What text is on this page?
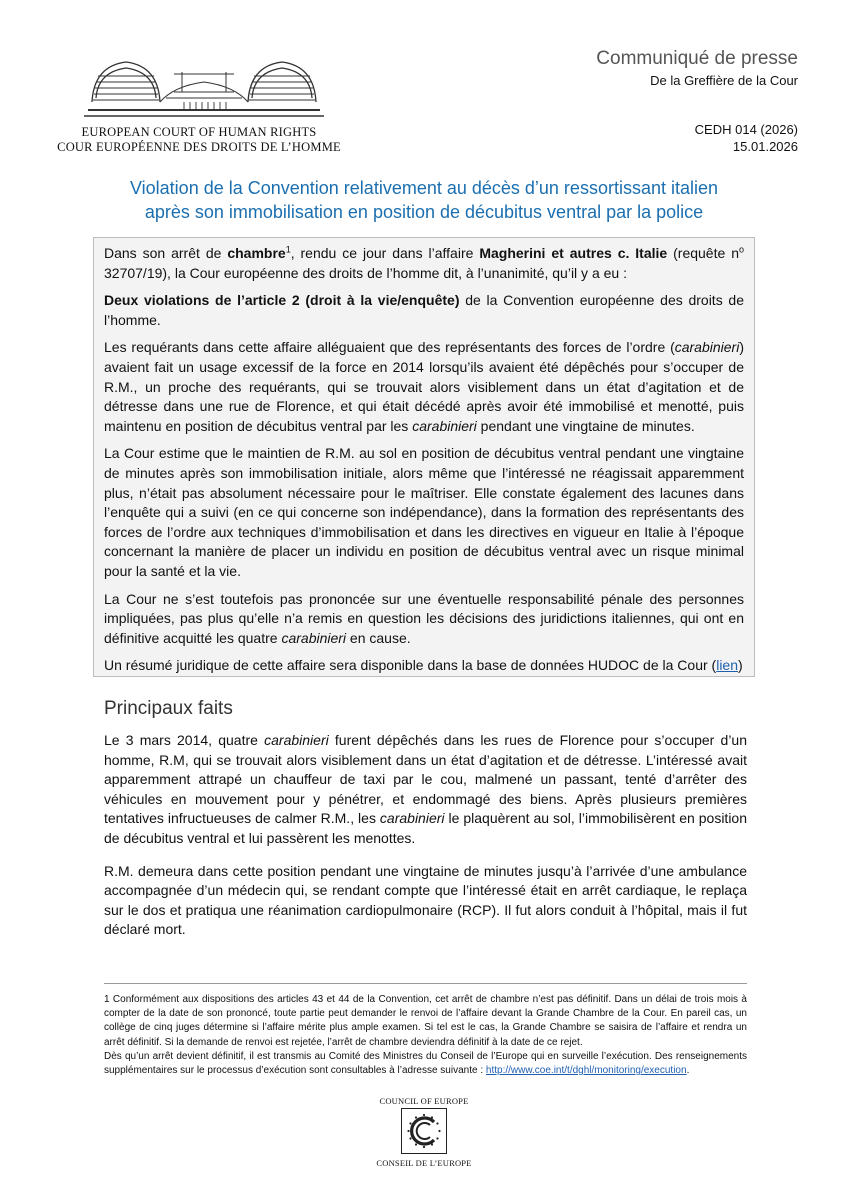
EUROPEAN COURT OF HUMAN RIGHTS
COUR EUROPÉENNE DES DROITS DE L’HOMME
Communiqué de presse
De la Greffière de la Cour
CEDH 014 (2026)
15.01.2026
Violation de la Convention relativement au décès d’un ressortissant italien
après son immobilisation en position de décubitus ventral par la police

Dans son arrêt de chambre$^1$, rendu ce jour dans l’affaire Magherini et autres c. Italie (requête $n^o$ 32707/19), la Cour européenne des droits de l’homme dit, à l’unanimité, qu’il y a eu :

Deux violations de l’article 2 (droit à la vie/enquête) de la Convention européenne des droits de l’homme.

Les requérants dans cette affaire alléguaient que des représentants des forces de l’ordre (carabinieri) avaient fait un usage excessif de la force en 2014 lorsqu’ils avaient été dépêchés pour s’occuper de R.M., un proche des requérants, qui se trouvait alors visiblement dans un état d’agitation et de détresse dans une rue de Florence, et qui était décédé après avoir été immobilisé et menotté, puis maintenu en position de décubitus ventral par les carabinieri pendant une vingtaine de minutes.

La Cour estime que le maintien de R.M. au sol en position de décubitus ventral pendant une vingtaine de minutes après son immobilisation initiale, alors même que l’intéressé ne réagissait apparemment plus, n’était pas absolument nécessaire pour le maîtriser. Elle constate également des lacunes dans l’enquête qui a suivi (en ce qui concerne son indépendance), dans la formation des représentants des forces de l’ordre aux techniques d’immobilisation et dans les directives en vigueur en Italie à l’époque concernant la manière de placer un individu en position de décubitus ventral avec un risque minimal pour la santé et la vie.

La Cour ne s’est toutefois pas prononcée sur une éventuelle responsabilité pénale des personnes impliquées, pas plus qu’elle n’a remis en question les décisions des juridictions italiennes, qui ont en définitive acquitté les quatre carabinieri en cause.

Un résumé juridique de cette affaire sera disponible dans la base de données HUDOC de la Cour (lien)

Principaux faits

Le 3 mars 2014, quatre carabinieri furent dépêchés dans les rues de Florence pour s’occuper d’un homme, R.M, qui se trouvait alors visiblement dans un état d’agitation et de détresse. L’intéressé avait apparemment attrapé un chauffeur de taxi par le cou, malmené un passant, tenté d’arrêter des véhicules en mouvement pour y pénétrer, et endommagé des biens. Après plusieurs premières tentatives infructueuses de calmer R.M., les carabinieri le plaquèrent au sol, l’immobilisèrent en position de décubitus ventral et lui passèrent les menottes.

R.M. demeura dans cette position pendant une vingtaine de minutes jusqu’à l’arrivée d’une ambulance accompagnée d’un médecin qui, se rendant compte que l’intéressé était en arrêt cardiaque, le replaça sur le dos et pratiqua une réanimation cardiopulmonaire (RCP). Il fut alors conduit à l’hôpital, mais il fut déclaré mort.

1 Conformément aux dispositions des articles 43 et 44 de la Convention, cet arrêt de chambre n’est pas définitif. Dans un délai de trois mois à compter de la date de son prononcé, toute partie peut demander le renvoi de l’affaire devant la Grande Chambre de la Cour. En pareil cas, un collège de cinq juges détermine si l’affaire mérite plus ample examen. Si tel est le cas, la Grande Chambre se saisira de l’affaire et rendra un arrêt définitif. Si la demande de renvoi est rejetée, l’arrêt de chambre deviendra définitif à la date de ce rejet.
Dès qu’un arrêt devient définitif, il est transmis au Comité des Ministres du Conseil de l’Europe qui en surveille l’exécution. Des renseignements supplémentaires sur le processus d’exécution sont consultables à l’adresse suivante : http://www.coe.int/t/dghl/monitoring/execution.
COUNCIL OF EUROPE
CONSEIL DE L’EUROPE
